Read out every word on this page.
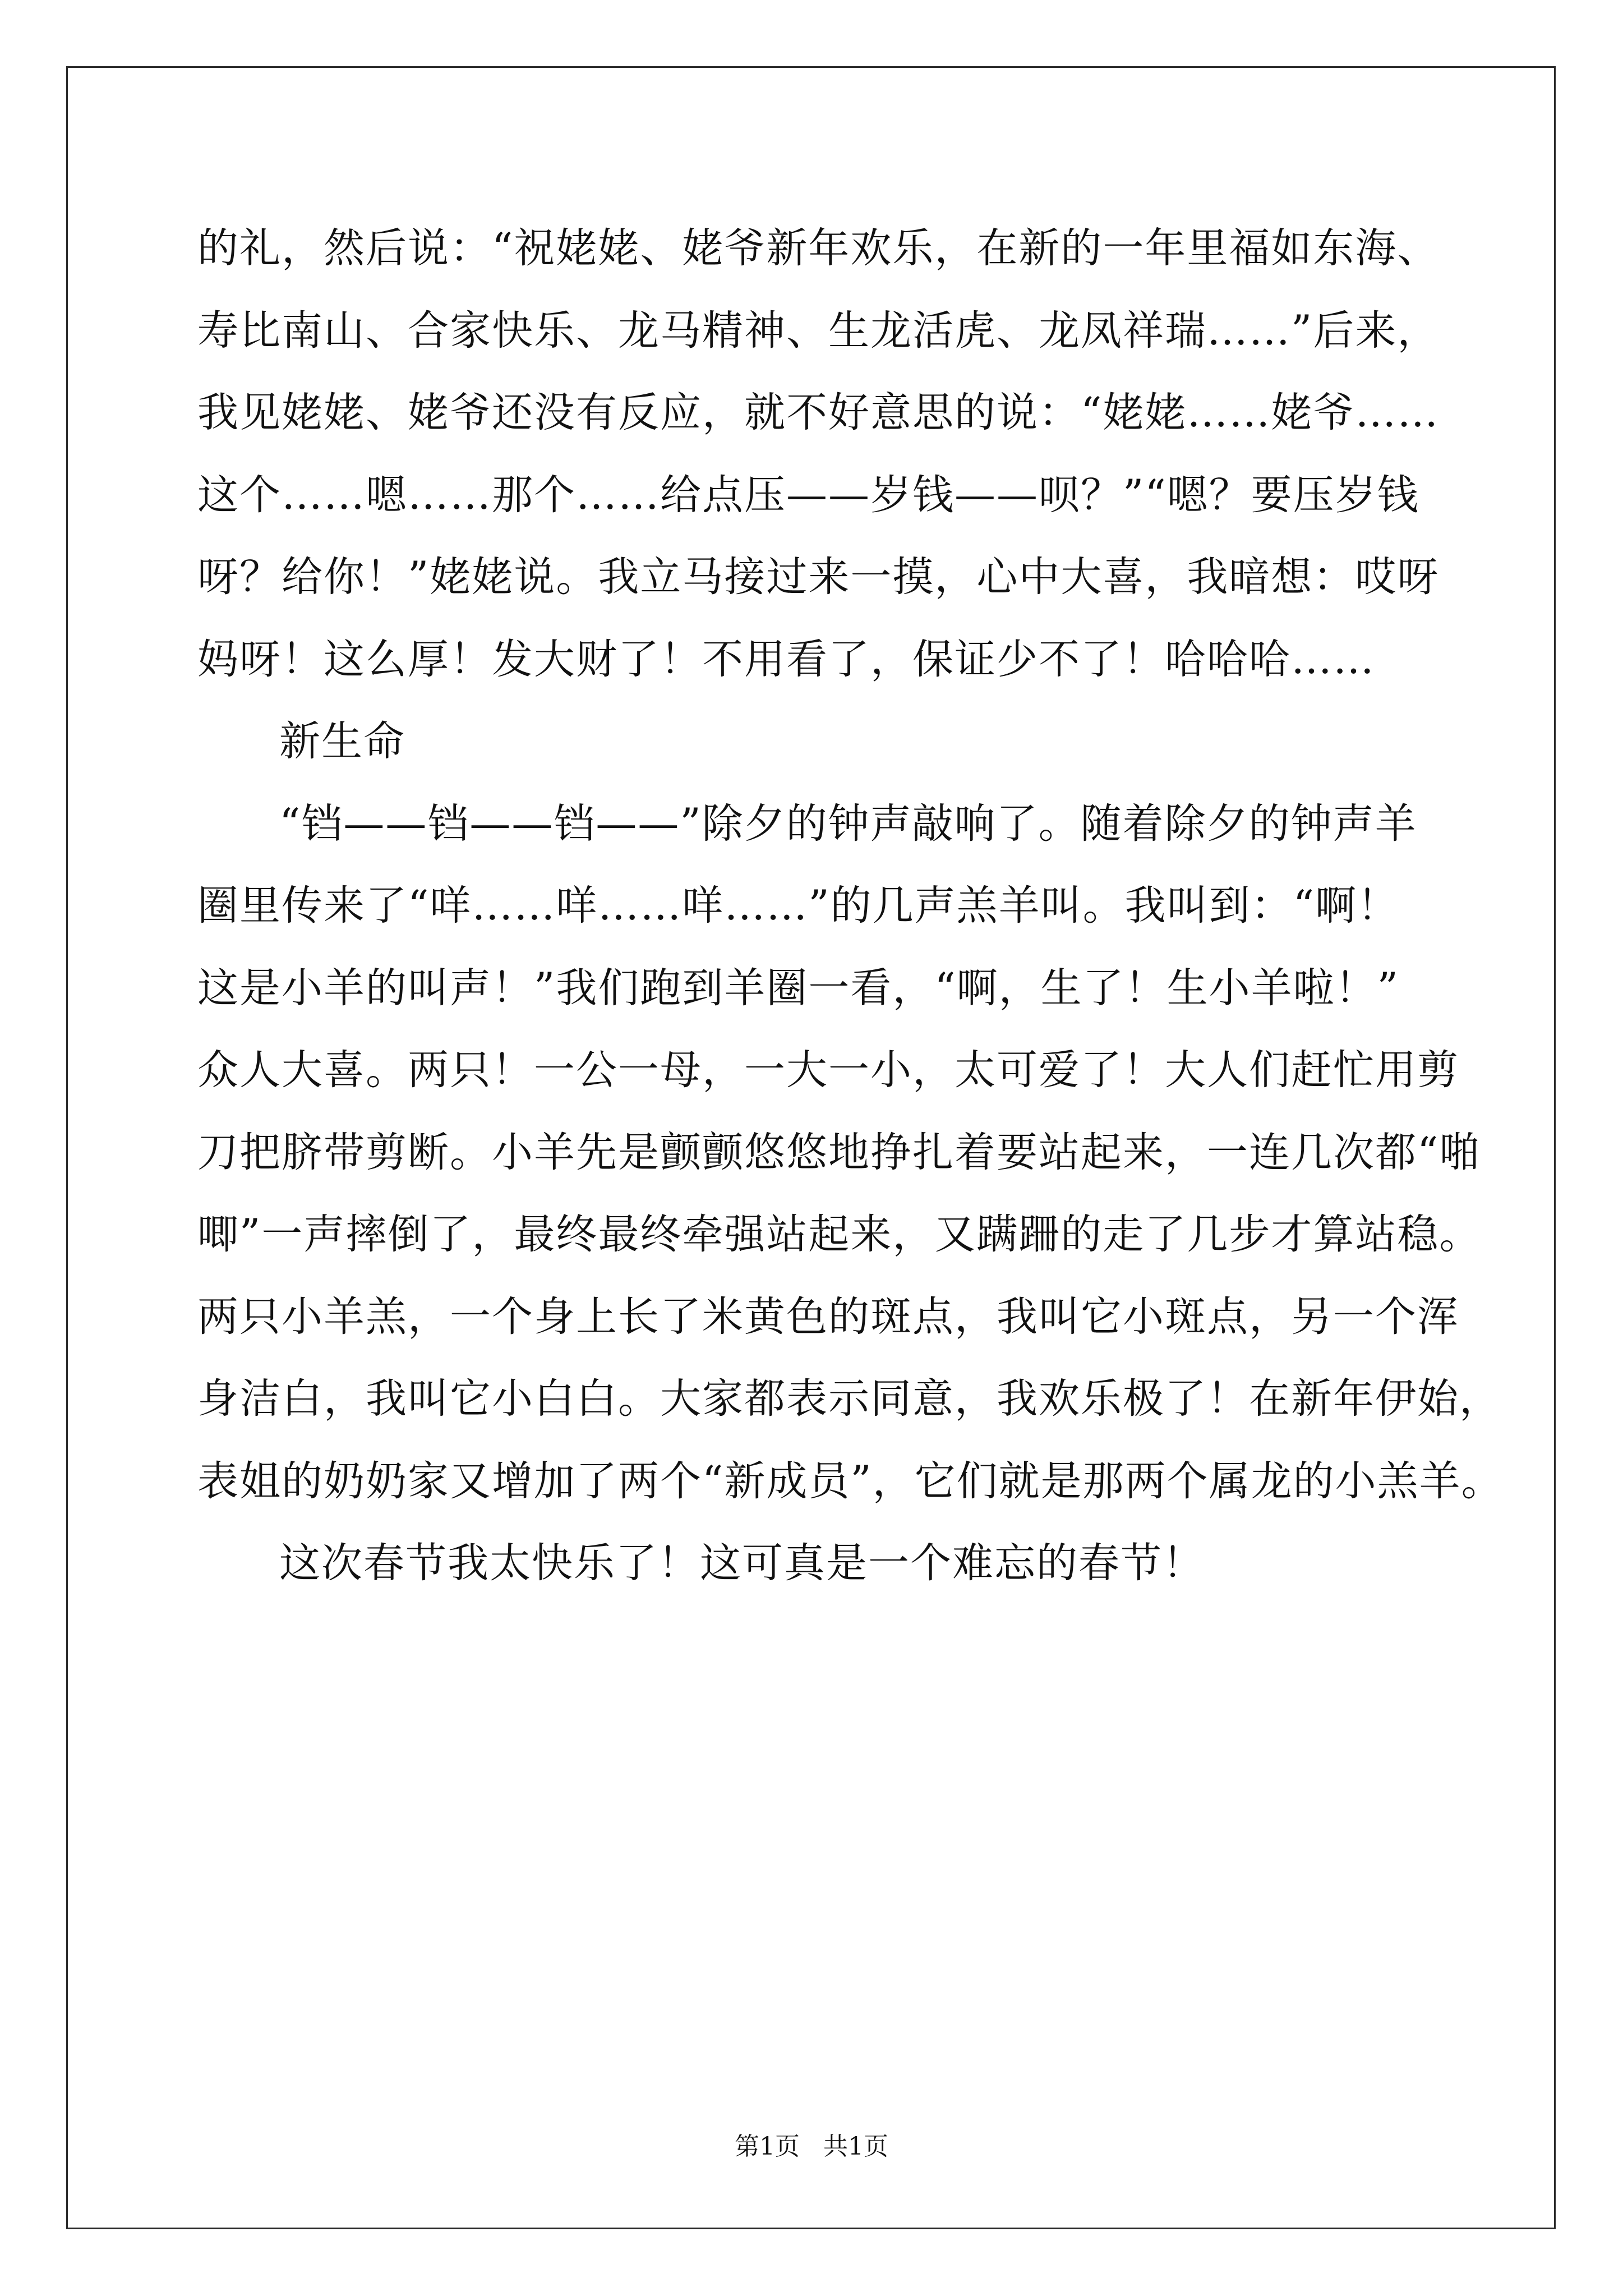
的礼，然后说：“祝姥姥、姥爷新年欢乐，在新的一年里福如东海、

寿比南山、合家快乐、龙马精神、生龙活虎、龙凤祥瑞……”后来，

我见姥姥、姥爷还没有反应，就不好意思的说：“姥姥……姥爷……

这个……嗯……那个……给点压——岁钱——呗？”“嗯？要压岁钱

呀？给你！”姥姥说。我立马接过来一摸，心中大喜，我暗想：哎呀

妈呀！这么厚！发大财了！不用看了，保证少不了！哈哈哈……

新生命

“铛——铛——铛——”除夕的钟声敲响了。随着除夕的钟声羊

圈里传来了“咩……咩……咩……”的几声羔羊叫。我叫到：“啊！

这是小羊的叫声！”我们跑到羊圈一看，“啊，生了！生小羊啦！”

众人大喜。两只！一公一母，一大一小，太可爱了！大人们赶忙用剪

刀把脐带剪断。小羊先是颤颤悠悠地挣扎着要站起来，一连几次都“啪

唧”一声摔倒了，最终最终牵强站起来，又蹒跚的走了几步才算站稳。

两只小羊羔，一个身上长了米黄色的斑点，我叫它小斑点，另一个浑

身洁白，我叫它小白白。大家都表示同意，我欢乐极了！在新年伊始，

表姐的奶奶家又增加了两个“新成员”，它们就是那两个属龙的小羔羊。

这次春节我太快乐了！这可真是一个难忘的春节！

第1页 共1页
